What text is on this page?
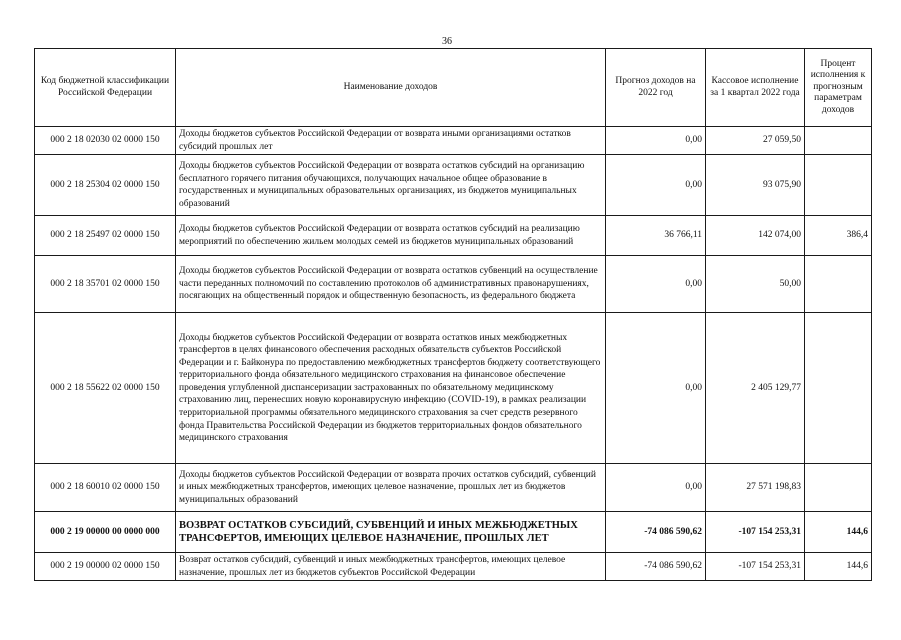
36
Код бюджетной классификации Российской Федерации	Наименование доходов	Прогноз доходов на 2022 год	Кассовое исполнение за 1 квартал 2022 года	Процент исполнения к прогнозным параметрам доходов
000 2 18 02030 02 0000 150	Доходы бюджетов субъектов Российской Федерации от возврата иными организациями остатков субсидий прошлых лет	0,00	27 059,50	
000 2 18 25304 02 0000 150	Доходы бюджетов субъектов Российской Федерации от возврата остатков субсидий на организацию бесплатного горячего питания обучающихся, получающих начальное общее образование в государственных и муниципальных образовательных организациях, из бюджетов муниципальных образований	0,00	93 075,90	
000 2 18 25497 02 0000 150	Доходы бюджетов субъектов Российской Федерации от возврата остатков субсидий на реализацию мероприятий по обеспечению жильем молодых семей из бюджетов муниципальных образований	36 766,11	142 074,00	386,4
000 2 18 35701 02 0000 150	Доходы бюджетов субъектов Российской Федерации от возврата остатков субвенций на осуществление части переданных полномочий по составлению протоколов об административных правонарушениях, посягающих на общественный порядок и общественную безопасность, из федерального бюджета	0,00	50,00	
000 2 18 55622 02 0000 150	Доходы бюджетов субъектов Российской Федерации от возврата остатков иных межбюджетных трансфертов в целях финансового обеспечения расходных обязательств субъектов Российской Федерации и г. Байконура по предоставлению межбюджетных трансфертов бюджету соответствующего территориального фонда обязательного медицинского страхования на финансовое обеспечение проведения углубленной диспансеризации застрахованных по обязательному медицинскому страхованию лиц, перенесших новую коронавирусную инфекцию (COVID-19), в рамках реализации территориальной программы обязательного медицинского страхования за счет средств резервного фонда Правительства Российской Федерации из бюджетов территориальных фондов обязательного медицинского страхования	0,00	2 405 129,77	
000 2 18 60010 02 0000 150	Доходы бюджетов субъектов Российской Федерации от возврата прочих остатков субсидий, субвенций и иных межбюджетных трансфертов, имеющих целевое назначение, прошлых лет из бюджетов муниципальных образований	0,00	27 571 198,83	
000 2 19 00000 00 0000 000	ВОЗВРАТ ОСТАТКОВ СУБСИДИЙ, СУБВЕНЦИЙ И ИНЫХ МЕЖБЮДЖЕТНЫХ ТРАНСФЕРТОВ, ИМЕЮЩИХ ЦЕЛЕВОЕ НАЗНАЧЕНИЕ, ПРОШЛЫХ ЛЕТ	-74 086 590,62	-107 154 253,31	144,6
000 2 19 00000 02 0000 150	Возврат остатков субсидий, субвенций и иных межбюджетных трансфертов, имеющих целевое назначение, прошлых лет из бюджетов субъектов Российской Федерации	-74 086 590,62	-107 154 253,31	144,6
